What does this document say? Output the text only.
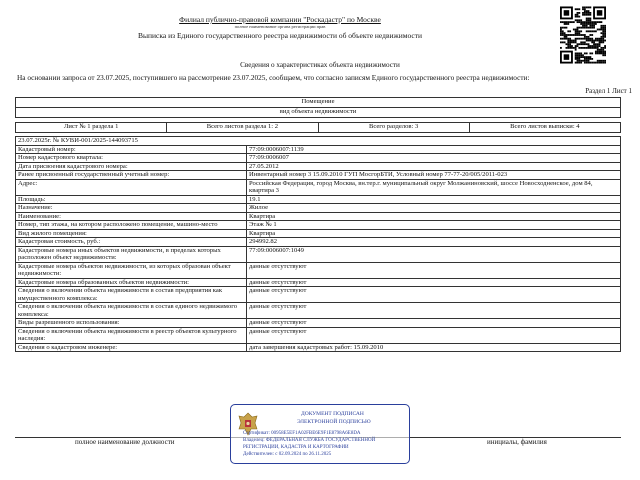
Филиал публично-правовой компании "Роскадастр" по Москве
полное наименование органа регистрации прав
Выписка из Единого государственного реестра недвижимости об объекте недвижимости
Сведения о характеристиках объекта недвижимости
На основании запроса от 23.07.2025, поступившего на рассмотрение 23.07.2025, сообщаем, что согласно записям Единого государственного реестра недвижимости:
Раздел 1 Лист 1
Помещение
вид объекта недвижимости
Лист № 1 раздела 1	Всего листов раздела 1: 2	Всего разделов: 3	Всего листов выписки: 4
23.07.2025г. № КУВИ-001/2025-144093715	
Кадастровый номер:	77:09:0006007:1139
Номер кадастрового квартала:	77:09:0006007
Дата присвоения кадастрового номера:	27.05.2012
Ранее присвоенный государственный учетный номер:	Инвентарный номер 3 15.09.2010 ГУП МосгорБТИ, Условный номер 77-77-20/005/2011-023
Адрес:	Российская Федерация, город Москва, вн.тер.г. муниципальный округ Молжаниновский, шоссе Новосходненское, дом 84, квартира 3
Площадь:	19.1
Назначение:	Жилое
Наименование:	Квартира
Номер, тип этажа, на котором расположено помещение, машино-место	Этаж № 1
Вид жилого помещения:	Квартира
Кадастровая стоимость, руб.:	294992.82
Кадастровые номера иных объектов недвижимости, в пределах которых расположен объект недвижимости:	77:09:0006007:1049
Кадастровые номера объектов недвижимости, из которых образован объект недвижимости:	данные отсутствуют
Кадастровые номера образованных объектов недвижимости:	данные отсутствуют
Сведения о включении объекта недвижимости в состав предприятия как имущественного комплекса:	данные отсутствуют
Сведения о включении объекта недвижимости в состав единого недвижимого комплекса:	данные отсутствуют
Виды разрешенного использования:	данные отсутствуют
Сведения о включении объекта недвижимости в реестр объектов культурного наследия:	данные отсутствуют
Сведения о кадастровом инженере:	дата завершения кадастровых работ: 15.09.2010
полное наименование должности	инициалы, фамилия
ДОКУМЕНТ ПОДПИСАН
ЭЛЕКТРОННОЙ ПОДПИСЬЮ
Сертификат: 00958E5EF1A02FBE6E9F1E8798A6E8DA
Владелец: ФЕДЕРАЛЬНАЯ СЛУЖБА ГОСУДАРСТВЕННОЙ
РЕГИСТРАЦИИ, КАДАСТРА И КАРТОГРАФИИ
Действителен: с 02.09.2024 по 26.11.2025
